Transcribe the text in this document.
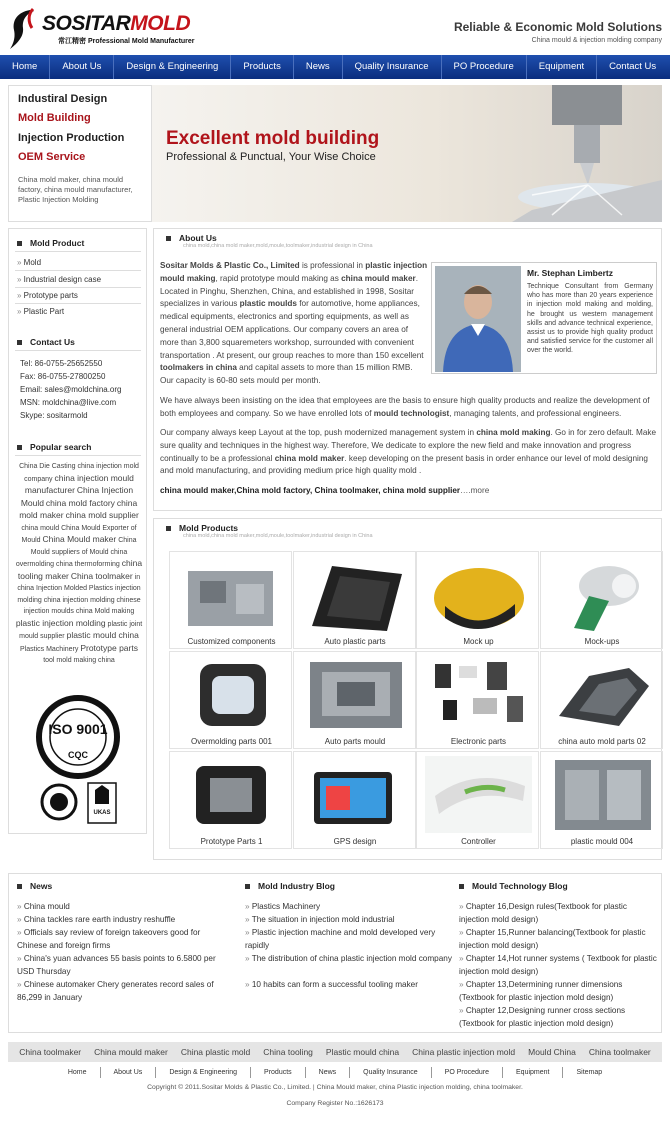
SOSITARMOLD
常江精密 Professional Mold Manufacturer
Reliable & Economic Mold Solutions
China mould & injection molding company
Home	About Us	Design & Engineering	Products	News	Quality Insurance	PO Procedure	Equipment	Contact Us
Industiral Design
Mold Building
Injection Production
OEM Service
China mold maker, china mould factory, china mould manufacturer, Plastic Injection Molding
Excellent mold building
Professional & Punctual, Your Wise Choice
Mold Product
» Mold
» Industrial design case
» Prototype parts
» Plastic Part
Contact Us
Tel: 86-0755-25652550
Fax: 86-0755-27800250
Email: sales@moldchina.org
MSN: moldchina@live.com
Skype: sositarmold
Popular search
China Die Casting china injection mold company china injection mould manufacturer China Injection Mould china mold factory china mold maker china mold supplier china mould China Mould Exporter of Mould China Mould maker China Mould suppliers of Mould china overmolding china thermoforming china tooling maker China toolmaker in china Injection Molded Plastics injection molding china injection molding chinese injection moulds china Mold making plastic injection molding plastic joint mould supplier plastic mould china Plastics Machinery Prototype parts tool mold making china
ISO 9001
CQC
UKAS
About Us
china mold,china mold maker,mold,moule,toolmaker,industrial design in China
Sositar Molds & Plastic Co., Limited is professional in plastic injection mould making, rapid prototype mould making as china mould maker. Located in Pinghu, Shenzhen, China, and established in 1998, Sositar specializes in various plastic moulds for automotive, home appliances, medical equipments, electronics and sporting equipments, as well as general industrial OEM applications. Our company covers an area of more than 3,800 squaremeters workshop, surrounded with convenient transportation . At present, our group reaches to more than 150 excellent toolmakers in china and capital assets to more than 15 million RMB. Our capacity is 60-80 sets mould per month.
Mr. Stephan Limbertz
Technique Consultant from Germany who has more than 20 years experience in injection mold making and molding, he brought us western management skills and advance technical experience, assist us to provide high quality product and satisfied service for the customer all over the world.
We have always been insisting on the idea that employees are the basis to ensure high quality products and realize the development of both employees and company. So we have enrolled lots of mould technologist, managing talents, and professional engineers.
Our company always keep Layout at the top, push modernized management system in china mold making. Go in for zero default. Make sure quality and techniques in the highest way. Therefore, We dedicate to explore the new field and make innovation and progress continually to be a professional china mold maker. keep developing on the present basis in order enhance our level of mold designing and mold manufacturing, and providing medium price high quality mold .
china mould maker,China mold factory, China toolmaker, china mold supplier….more
Mold Products
china mold,china mold maker,mold,moule,toolmaker,industrial design in China
Customized components	Auto plastic parts	Mock up	Mock-ups
Overmolding parts 001	Auto parts mould	Electronic parts	china auto mold parts 02
Prototype Parts 1	GPS design	Controller	plastic mould 004
News
» China mould
» China tackles rare earth industry reshuffle
» Officials say review of foreign takeovers good for Chinese and foreign firms
» China's yuan advances 55 basis points to 6.5800 per USD Thursday
» Chinese automaker Chery generates record sales of 86,299 in January
Mold Industry Blog
» Plastics Machinery
» The situation in injection mold industrial
» Plastic injection machine and mold developed very rapidly
» The distribution of china plastic injection mold company
» 10 habits can form a successful tooling maker
Mould Technology Blog
» Chapter 16,Design rules(Textbook for plastic injection mold design)
» Chapter 15,Runner balancing(Textbook for plastic injection mold design)
» Chapter 14,Hot runner systems ( Textbook for plastic injection mold design)
» Chapter 13,Determining runner dimensions (Textbook for plastic injection mold design)
» Chapter 12,Designing runner cross sections (Textbook for plastic injection mold design)
China toolmaker China mould maker China plastic mold China tooling Plastic mould china China plastic injection mold Mould China China toolmaker
Home	About Us	Design & Engineering	Products	News	Quality Insurance	PO Procedure	Equipment	Sitemap
Copyright © 2011.Sositar Molds & Plastic Co., Limited. | China Mould maker, china Plastic injection molding, china toolmaker.
Company Register No.:1626173
